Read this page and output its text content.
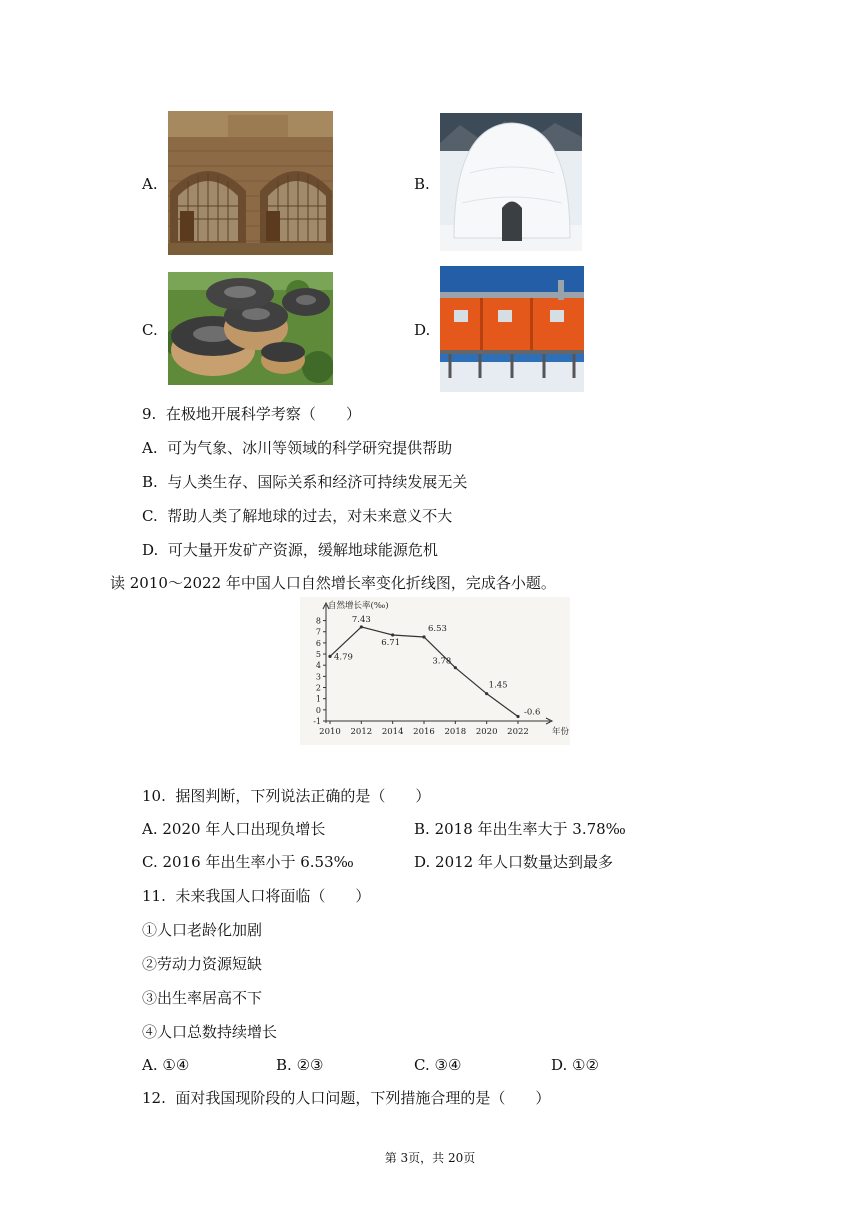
A.	B.
C.	D.
9. 在极地开展科学考察（　　）
A. 可为气象、冰川等领域的科学研究提供帮助
B. 与人类生存、国际关系和经济可持续发展无关
C. 帮助人类了解地球的过去，对未来意义不大
D. 可大量开发矿产资源，缓解地球能源危机
读 2010～2022 年中国人口自然增长率变化折线图，完成各小题。
-1
0
1
2
3
4
5
6
7
8
2010 2012 2014 2016 2018 2020 2022
自然增长率(‰)
年份
4.79
7.43
6.71
6.53
3.78
1.45
-0.6
10. 据图判断，下列说法正确的是（　　）
A. 2020 年人口出现负增长	B. 2018 年出生率大于 3.78‰
C. 2016 年出生率小于 6.53‰	D. 2012 年人口数量达到最多
11. 未来我国人口将面临（　　）
①人口老龄化加剧
②劳动力资源短缺
③出生率居高不下
④人口总数持续增长
A. ①④	B. ②③	C. ③④	D. ①②
12. 面对我国现阶段的人口问题，下列措施合理的是（　　）
第 3页，共 20页
